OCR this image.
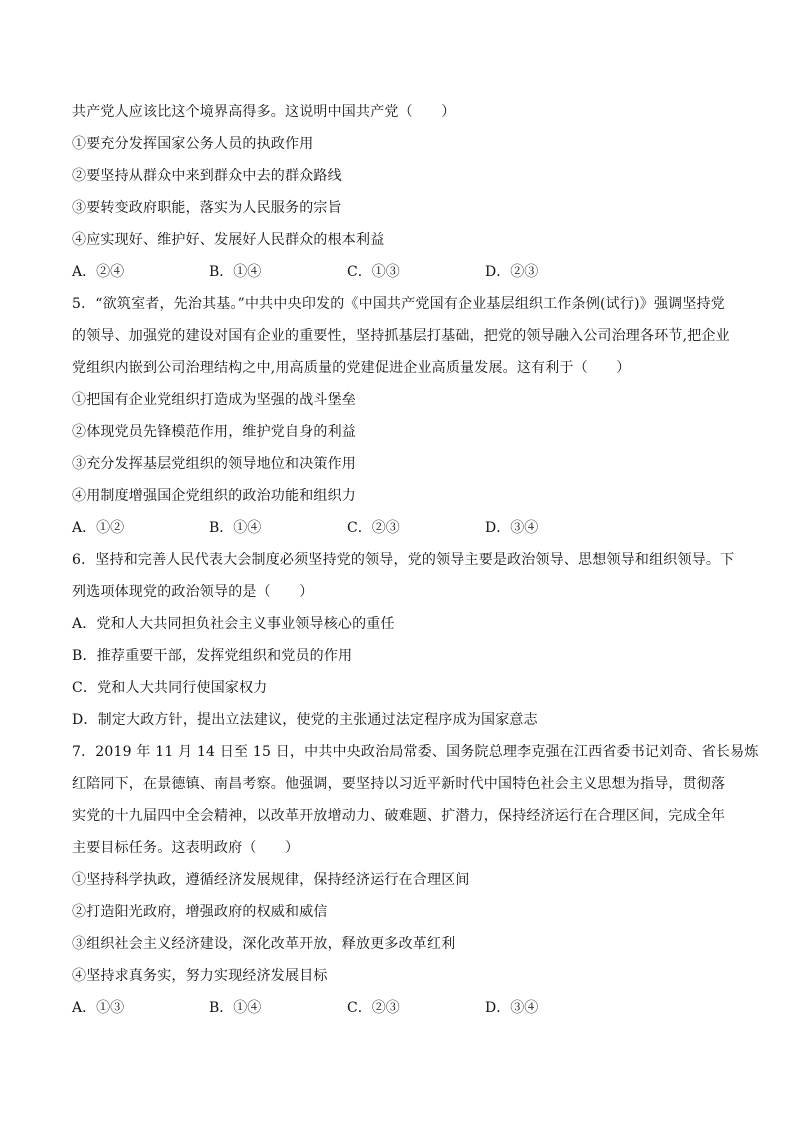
共产党人应该比这个境界高得多。这说明中国共产党（　　）
①要充分发挥国家公务人员的执政作用
②要坚持从群众中来到群众中去的群众路线
③要转变政府职能，落实为人民服务的宗旨
④应实现好、维护好、发展好人民群众的根本利益
A．②④	B．①④	C．①③	D．②③
5．“欲筑室者，先治其基。”中共中央印发的《中国共产党国有企业基层组织工作条例(试行)》强调坚持党
的领导、加强党的建设对国有企业的重要性，坚持抓基层打基础，把党的领导融入公司治理各环节,把企业
党组织内嵌到公司治理结构之中,用高质量的党建促进企业高质量发展。这有利于（　　）
①把国有企业党组织打造成为坚强的战斗堡垒
②体现党员先锋模范作用，维护党自身的利益
③充分发挥基层党组织的领导地位和决策作用
④用制度增强国企党组织的政治功能和组织力
A．①②	B．①④	C．②③	D．③④
6．坚持和完善人民代表大会制度必须坚持党的领导，党的领导主要是政治领导、思想领导和组织领导。下
列选项体现党的政治领导的是（　　）
A．党和人大共同担负社会主义事业领导核心的重任
B．推荐重要干部，发挥党组织和党员的作用
C．党和人大共同行使国家权力
D．制定大政方针，提出立法建议，使党的主张通过法定程序成为国家意志
7．2019 年 11 月 14 日至 15 日，中共中央政治局常委、国务院总理李克强在江西省委书记刘奇、省长易炼
红陪同下，在景德镇、南昌考察。他强调，要坚持以习近平新时代中国特色社会主义思想为指导，贯彻落
实党的十九届四中全会精神，以改革开放增动力、破难题、扩潜力，保持经济运行在合理区间，完成全年
主要目标任务。这表明政府（　　）
①坚持科学执政，遵循经济发展规律，保持经济运行在合理区间
②打造阳光政府，增强政府的权威和威信
③组织社会主义经济建设，深化改革开放，释放更多改革红利
④坚持求真务实，努力实现经济发展目标
A．①③	B．①④	C．②③	D．③④
